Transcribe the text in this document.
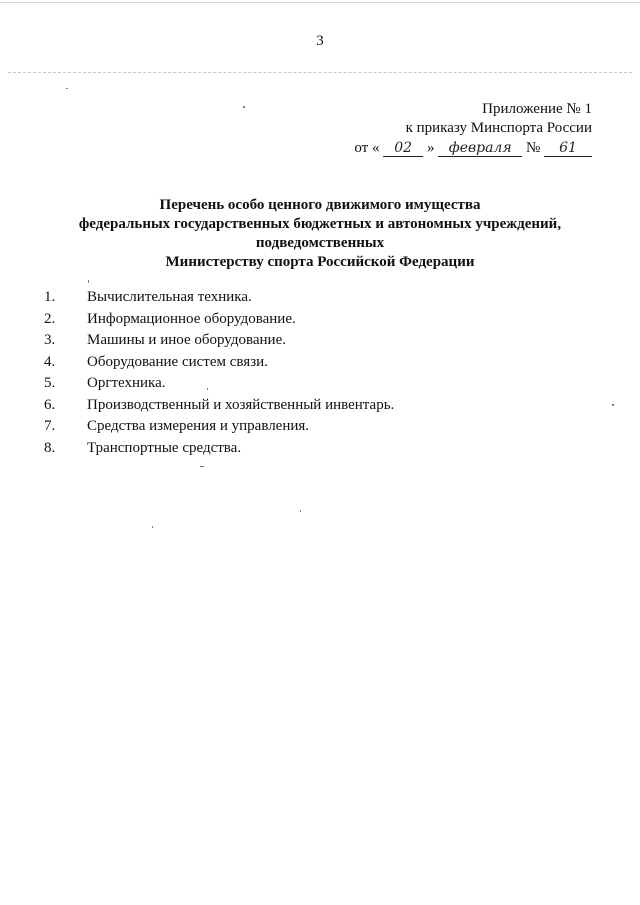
3
Приложение № 1
к приказу Минспорта России
от « 02 » февраля № 61
Перечень особо ценного движимого имущества
федеральных государственных бюджетных и автономных учреждений,
подведомственных
Министерству спорта Российской Федерации
1. Вычислительная техника.
2. Информационное оборудование.
3. Машины и иное оборудование.
4. Оборудование систем связи.
5. Оргтехника.
6. Производственный и хозяйственный инвентарь.
7. Средства измерения и управления.
8. Транспортные средства.
